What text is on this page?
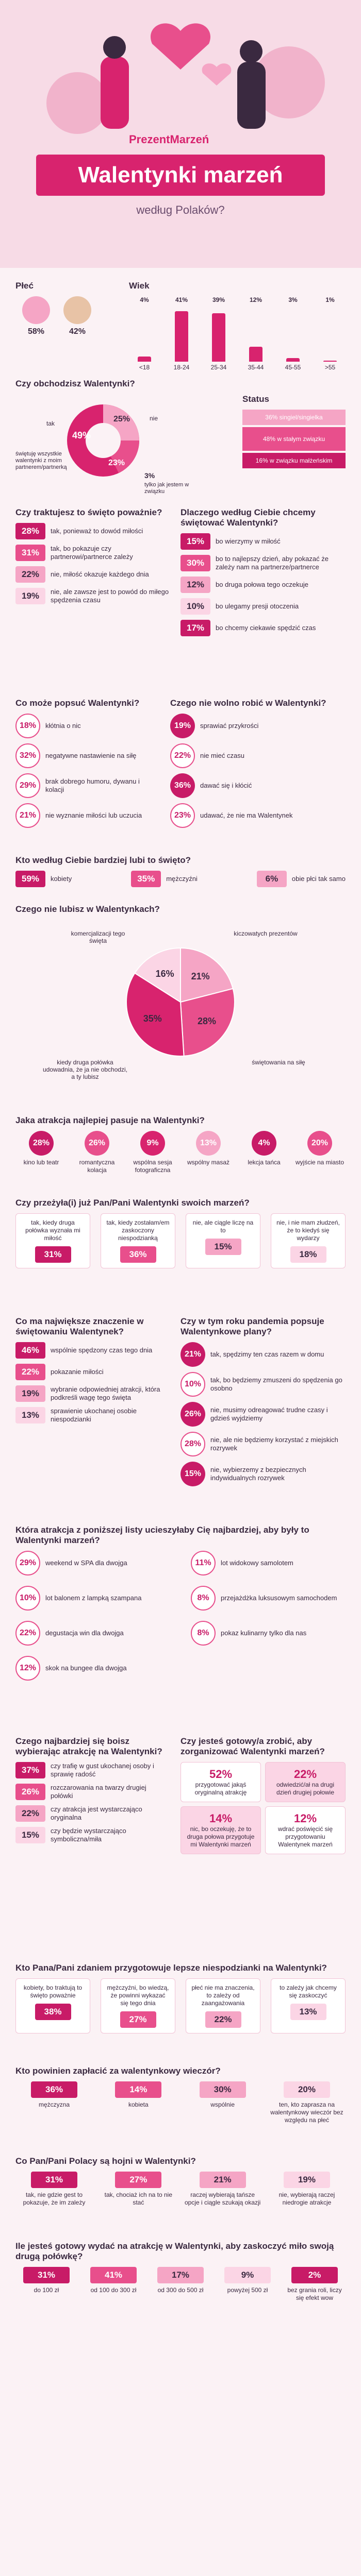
PrezentMarzeń
Walentynki marzeń
według Polaków?
Płeć
58%	42%
Wiek
4%
<18
41%
18-24
39%
25-34
12%
35-44
3%
45-55
1%
>55
Czy obchodzisz Walentynki?
49%
25%
23%
3%
tak
nie
świętuję wszystkie walentynki z moim partnerem/partnerką
tylko jak jestem w związku
Status
36% singiel/singielka
48% w stałym związku
16% w związku małżeńskim
Czy traktujesz to święto poważnie?
28%	tak, ponieważ to dowód miłości
31%	tak, bo pokazuje czy partnerowi/partnerce zależy
22%	nie, miłość okazuje każdego dnia
19%	nie, ale zawsze jest to powód do miłego spędzenia czasu
Dlaczego według Ciebie chcemy świętować Walentynki?
15%	bo wierzymy w miłość
30%	bo to najlepszy dzień, aby pokazać że zależy nam na partnerze/partnerce
12%	bo druga połowa tego oczekuje
10%	bo ulegamy presji otoczenia
17%	bo chcemy ciekawie spędzić czas
Co może popsuć Walentynki?
18%	kłótnia o nic
32%	negatywne nastawienie na siłę
29%	brak dobrego humoru, dywanu i kolacji
21%	nie wyznanie miłości lub uczucia
Czego nie wolno robić w Walentynki?
19%	sprawiać przykrości
22%	nie mieć czasu
36%	dawać się i kłócić
23%	udawać, że nie ma Walentynek
Kto według Ciebie bardziej lubi to święto?
59%	kobiety	35%	mężczyźni	6%	obie płci tak samo
Czego nie lubisz w Walentynkach?
21%
28%
35%
16%
kiczowatych prezentów
świętowania na siłę
kiedy druga połówka udowadnia, że ja nie obchodzi, a ty lubisz
komercjalizacji tego święta
Jaka atrakcja najlepiej pasuje na Walentynki?
28%
kino lub teatr
26%
romantyczna kolacja
9%
wspólna sesja fotograficzna
13%
wspólny masaż
4%
lekcja tańca
20%
wyjście na miasto
Czy przeżyła(i) już Pan/Pani Walentynki swoich marzeń?
tak, kiedy druga połówka wyznała mi miłość
31%
tak, kiedy zostałam/em zaskoczony niespodzianką
36%
nie, ale ciągle liczę na to
15%
nie, i nie mam złudzeń, że to kiedyś się wydarzy
18%
Co ma największe znaczenie w świętowaniu Walentynek?
46%	wspólnie spędzony czas tego dnia
22%	pokazanie miłości
19%	wybranie odpowiedniej atrakcji, która podkreśli wagę tego święta
13%	sprawienie ukochanej osobie niespodzianki
Czy w tym roku pandemia popsuje Walentynkowe plany?
21%	tak, spędzimy ten czas razem w domu
10%	tak, bo będziemy zmuszeni do spędzenia go osobno
26%	nie, musimy odreagować trudne czasy i gdzieś wyjdziemy
28%	nie, ale nie będziemy korzystać z miejskich rozrywek
15%	nie, wybierzemy z bezpiecznych indywidualnych rozrywek
Która atrakcja z poniższej listy ucieszyłaby Cię najbardziej, aby były to Walentynki marzeń?
29%	weekend w SPA dla dwojga
10%	lot balonem z lampką szampana
22%	degustacja win dla dwojga
12%	skok na bungee dla dwojga
11%	lot widokowy samolotem
8%	przejażdżka luksusowym samochodem
8%	pokaz kulinarny tylko dla nas
Czego najbardziej się boisz wybierając atrakcję na Walentynki?
37%	czy trafię w gust ukochanej osoby i sprawię radość
26%	rozczarowania na twarzy drugiej połówki
22%	czy atrakcja jest wystarczająco oryginalna
15%	czy będzie wystarczająco symboliczna/miła
Czy jesteś gotowy/a zrobić, aby zorganizować Walentynki marzeń?
52%
przygotować jakąś oryginalną atrakcję
22%
odwiedzić/ał na drugi dzień drugiej połowie
14%
nic, bo oczekuję, że to druga połowa przygotuje mi Walentynki marzeń
12%
wdrać poświęcić się przygotowaniu Walentynek marzeń
Kto Pana/Pani zdaniem przygotowuje lepsze niespodzianki na Walentynki?
kobiety, bo traktują to święto poważnie
38%
mężczyźni, bo wiedzą, że powinni wykazać się tego dnia
27%
płeć nie ma znaczenia, to zależy od zaangażowania
22%
to zależy jak chcemy się zaskoczyć
13%
Kto powinien zapłacić za walentynkowy wieczór?
36%
mężczyzna
14%
kobieta
30%
wspólnie
20%
ten, kto zaprasza na walentynkowy wieczór bez względu na płeć
Co Pan/Pani Polacy są hojni w Walentynki?
31%
tak, nie gdzie gest to pokazuje, że im zależy
27%
tak, chociaż ich na to nie stać
21%
raczej wybierają tańsze opcje i ciągle szukają okazji
19%
nie, wybierają raczej niedrogie atrakcje
Ile jesteś gotowy wydać na atrakcję w Walentynki, aby zaskoczyć miło swoją drugą połówkę?
31%
do 100 zł
41%
od 100 do 300 zł
17%
od 300 do 500 zł
9%
powyżej 500 zł
2%
bez grania roli, liczy się efekt wow
